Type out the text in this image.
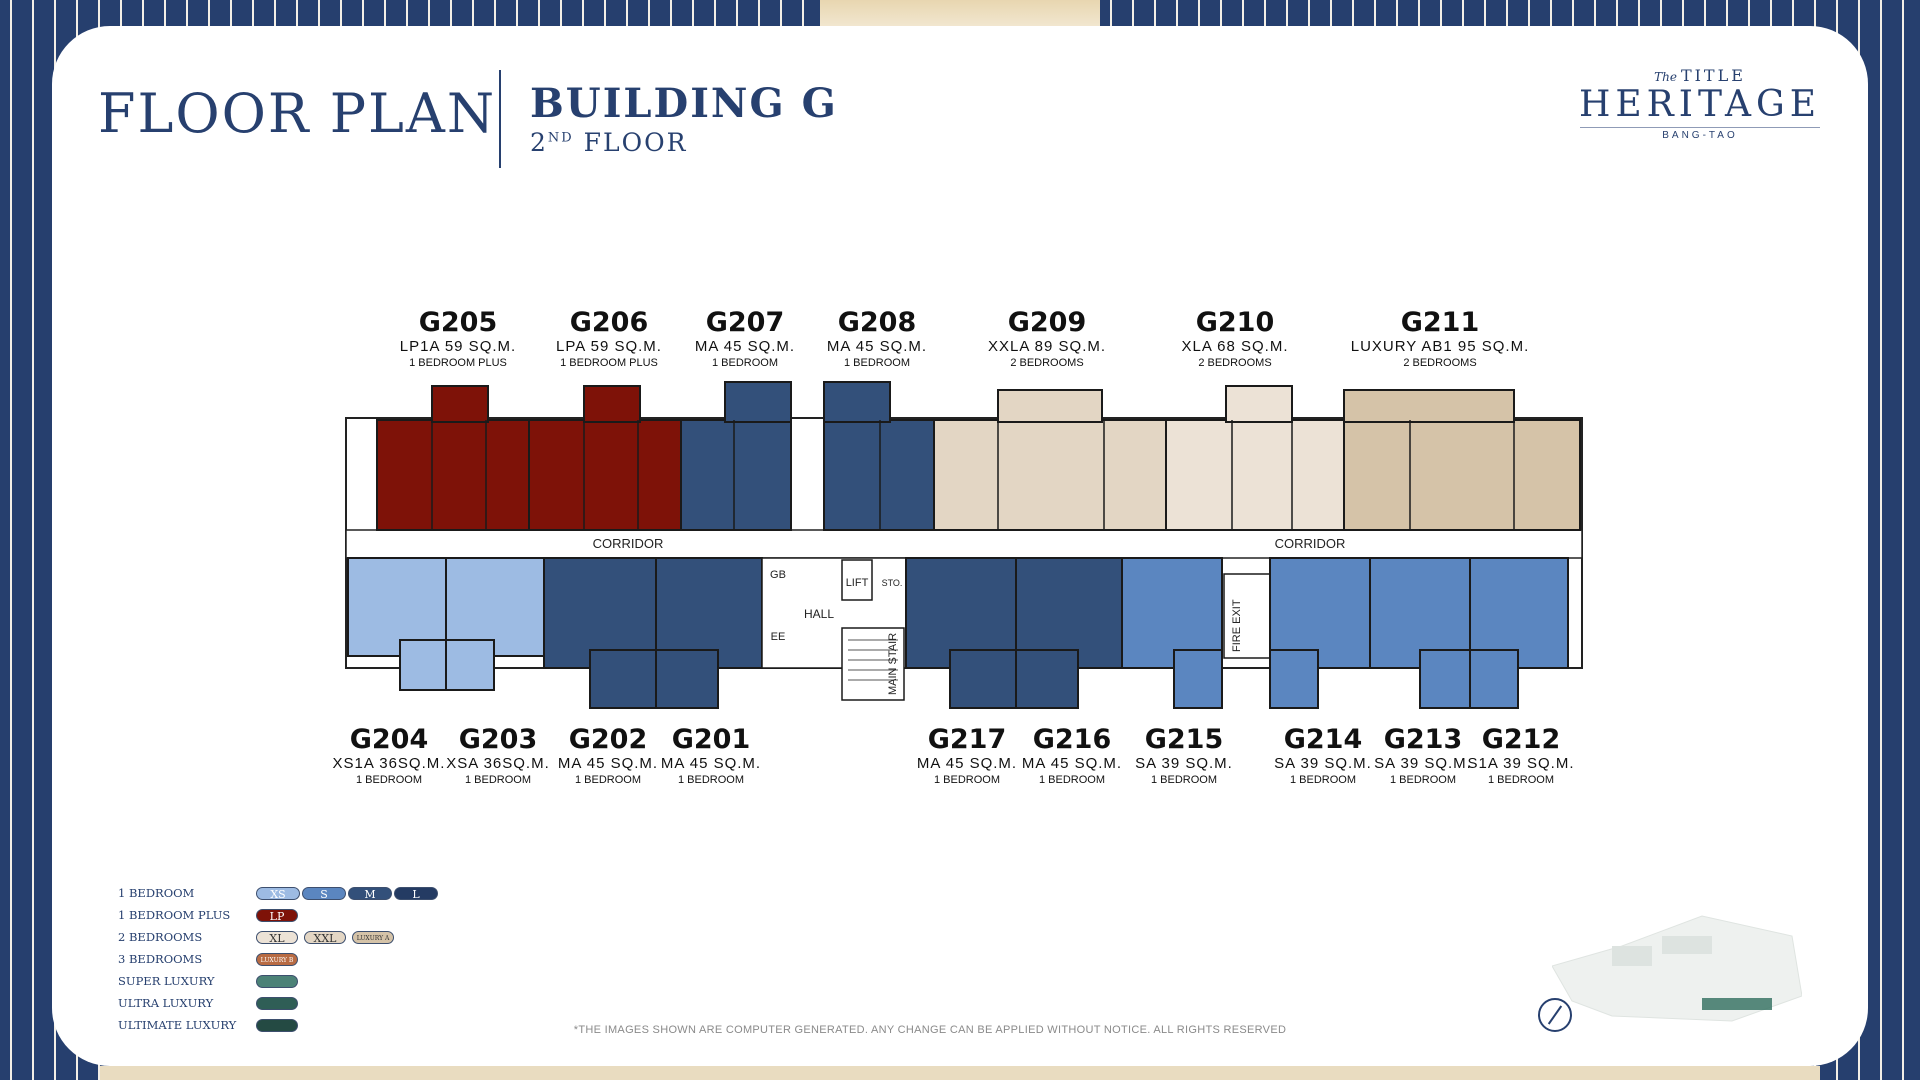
FLOOR PLAN BUILDING G
2ND FLOOR
The TITLE
HERITAGE
BANG-TAO
G205
LP1A 59 SQ.M.
1 BEDROOM PLUS
G206
LPA 59 SQ.M.
1 BEDROOM PLUS
G207
MA 45 SQ.M.
1 BEDROOM
G208
MA 45 SQ.M.
1 BEDROOM
G209
XXLA 89 SQ.M.
2 BEDROOMS
G210
XLA 68 SQ.M.
2 BEDROOMS
G211
LUXURY AB1 95 SQ.M.
2 BEDROOMS
G204
XS1A 36SQ.M.
1 BEDROOM
G203
XSA 36SQ.M.
1 BEDROOM
G202
MA 45 SQ.M.
1 BEDROOM
G201
MA 45 SQ.M.
1 BEDROOM
G217
MA 45 SQ.M.
1 BEDROOM
G216
MA 45 SQ.M.
1 BEDROOM
G215
SA 39 SQ.M.
1 BEDROOM
G214
SA 39 SQ.M.
1 BEDROOM
G213
SA 39 SQ.M.
1 BEDROOM
G212
S1A 39 SQ.M.
1 BEDROOM
CORRIDOR	CORRIDOR
LIFT STO.
GB
EE
HALL
MAIN STAIR
FIRE EXIT
1 BEDROOM	XS	S	M	L
1 BEDROOM PLUS	LP
2 BEDROOMS	XL	XXL	LUXURY A
3 BEDROOMS	LUXURY B
SUPER LUXURY
ULTRA LUXURY
ULTIMATE LUXURY	*THE IMAGES SHOWN ARE COMPUTER GENERATED. ANY CHANGE CAN BE APPLIED WITHOUT NOTICE. ALL RIGHTS RESERVED
